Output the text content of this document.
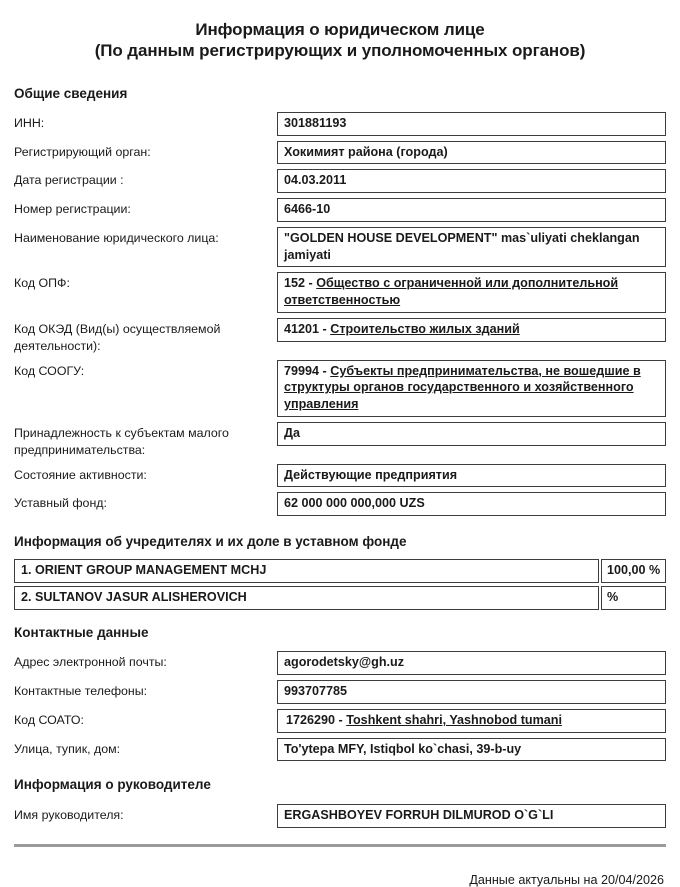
Информация о юридическом лице
(По данным регистрирующих и уполномоченных органов)
Общие сведения
ИНН:	301881193
Регистрирующий орган:	Хокимият района (города)
Дата регистрации :	04.03.2011
Номер регистрации:	6466-10
Наименование юридического лица:	"GOLDEN HOUSE DEVELOPMENT" mas`uliyati cheklangan jamiyati
Код ОПФ:	152 - Общество с ограниченной или дополнительной ответственностью
Код ОКЭД (Вид(ы) осуществляемой деятельности):
41201 - Строительство жилых зданий
Код СООГУ:	79994 - Субъекты предпринимательства, не вошедшие в структуры органов государственного и хозяйственного управления
Принадлежность к субъектам малого предпринимательства:
Да
Состояние активности:	Действующие предприятия
Уставный фонд:	62 000 000 000,000 UZS
Информация об учредителях и их доле в уставном фонде
1. ORIENT GROUP MANAGEMENT MCHJ	100,00 %
2. SULTANOV JASUR ALISHEROVICH	%
Контактные данные
Адрес электронной почты:	agorodetsky@gh.uz
Контактные телефоны:	993707785
Код СОАТО:	1726290 - Toshkent shahri, Yashnobod tumani
Улица, тупик, дом:	To'ytepa MFY, Istiqbol ko`chasi, 39-b-uy
Информация о руководителе
Имя руководителя:	ERGASHBOYEV FORRUH DILMUROD O`G`LI
Данные актуальны на 20/04/2026
